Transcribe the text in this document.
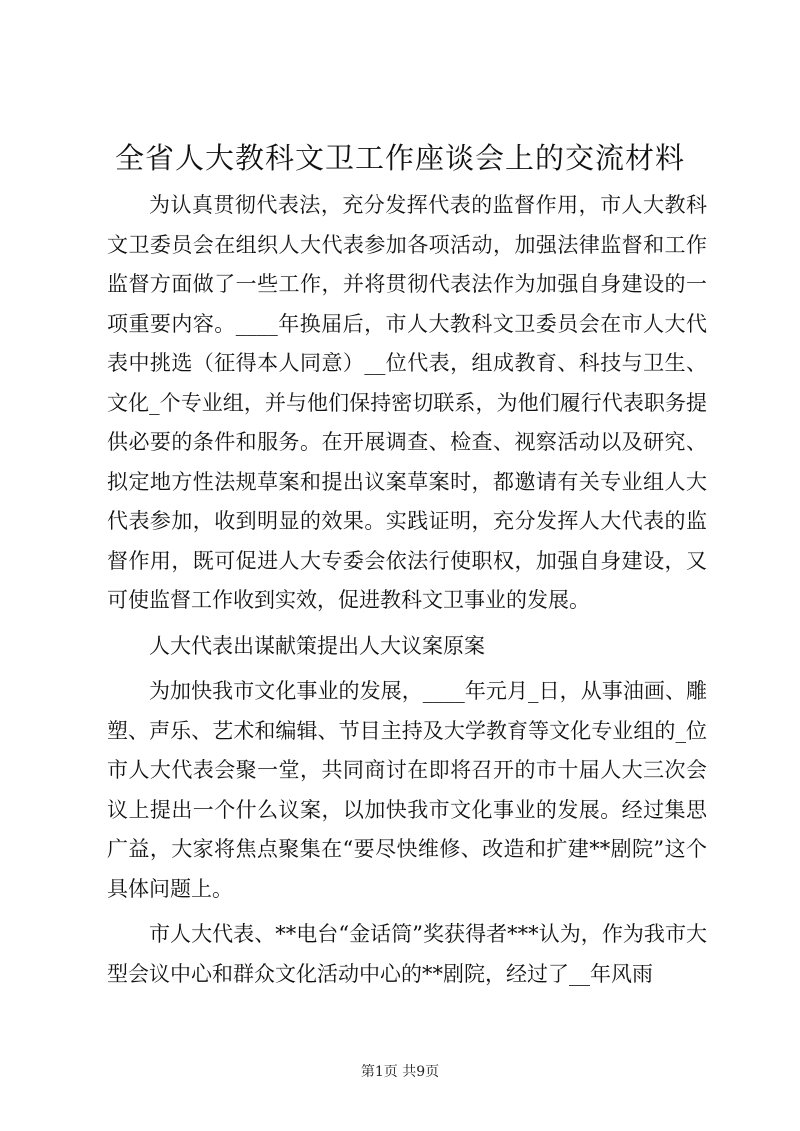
全省人大教科文卫工作座谈会上的交流材料

为认真贯彻代表法，充分发挥代表的监督作用，市人大教科文卫委员会在组织人大代表参加各项活动，加强法律监督和工作监督方面做了一些工作，并将贯彻代表法作为加强自身建设的一项重要内容。____年换届后，市人大教科文卫委员会在市人大代表中挑选（征得本人同意）__位代表，组成教育、科技与卫生、文化_个专业组，并与他们保持密切联系，为他们履行代表职务提供必要的条件和服务。在开展调查、检查、视察活动以及研究、拟定地方性法规草案和提出议案草案时，都邀请有关专业组人大代表参加，收到明显的效果。实践证明，充分发挥人大代表的监督作用，既可促进人大专委会依法行使职权，加强自身建设，又可使监督工作收到实效，促进教科文卫事业的发展。

人大代表出谋献策提出人大议案原案

为加快我市文化事业的发展，____年元月_日，从事油画、雕塑、声乐、艺术和编辑、节目主持及大学教育等文化专业组的_位市人大代表会聚一堂，共同商讨在即将召开的市十届人大三次会议上提出一个什么议案，以加快我市文化事业的发展。经过集思广益，大家将焦点聚集在“要尽快维修、改造和扩建**剧院”这个具体问题上。

市人大代表、**电台“金话筒”奖获得者***认为，作为我市大型会议中心和群众文化活动中心的**剧院，经过了__年风雨

第1页 共9页
